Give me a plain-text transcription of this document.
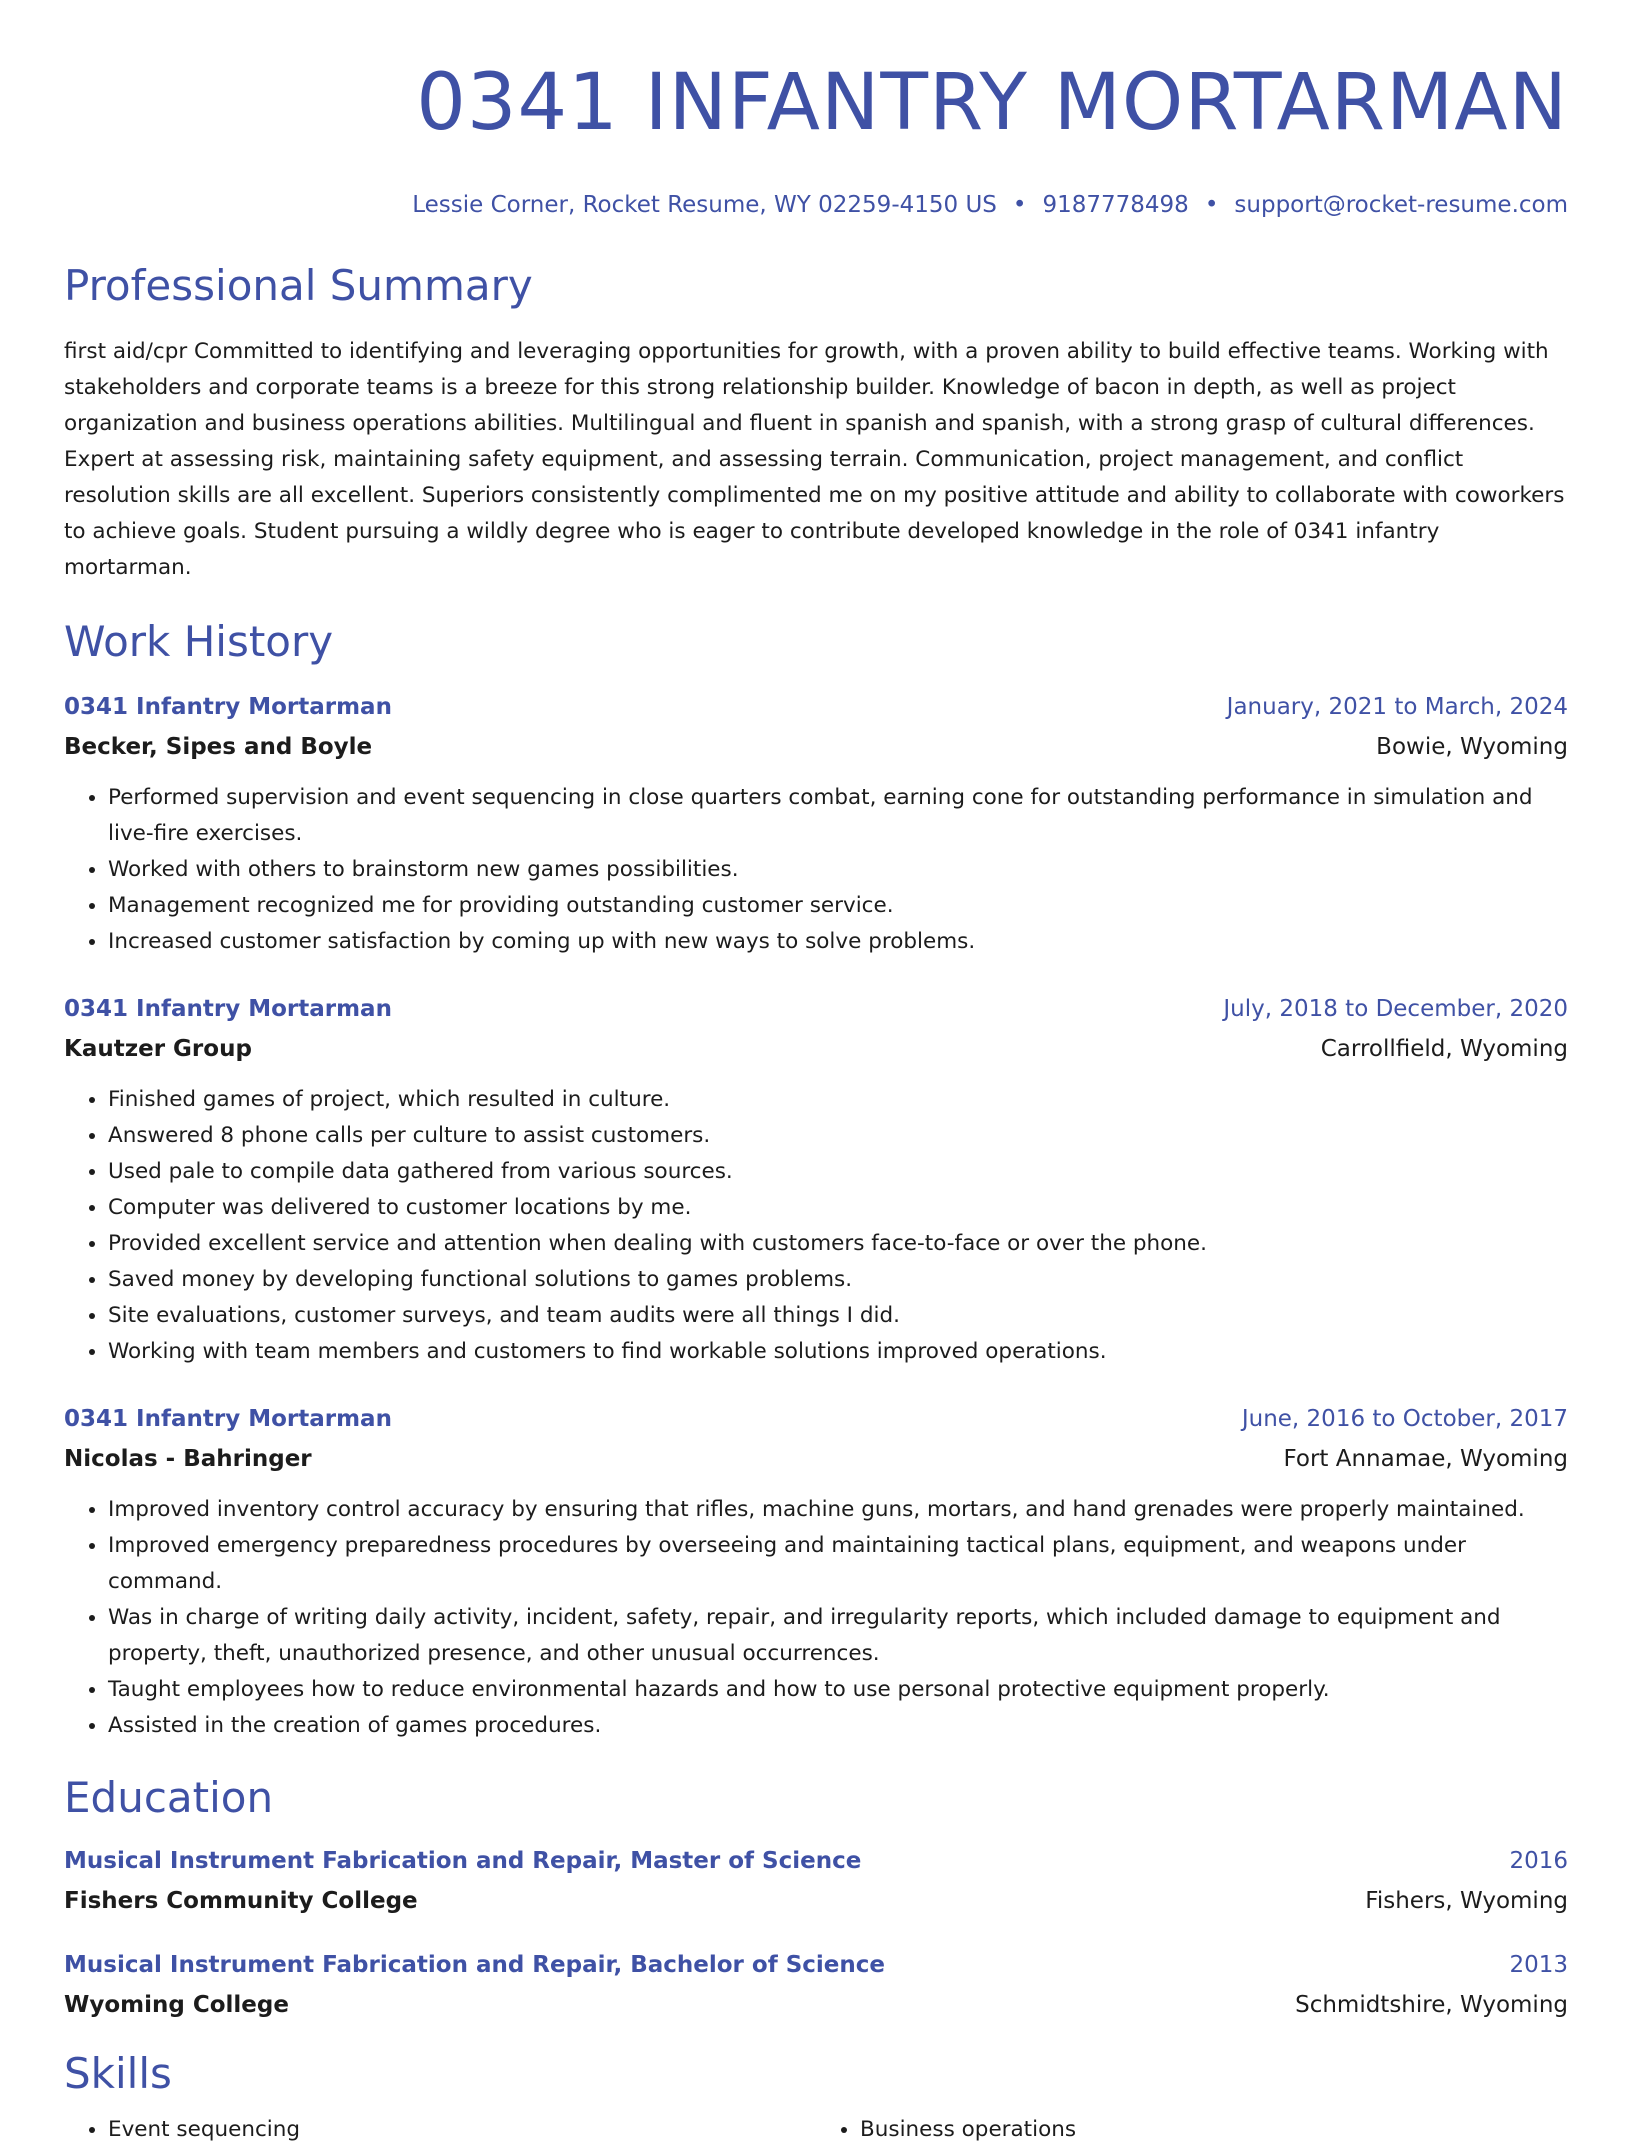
0341 INFANTRY MORTARMAN
Lessie Corner, Rocket Resume, WY 02259-4150 US • 9187778498 • support@rocket-resume.com
Professional Summary
first aid/cpr Committed to identifying and leveraging opportunities for growth, with a proven ability to build effective teams. Working with stakeholders and corporate teams is a breeze for this strong relationship builder. Knowledge of bacon in depth, as well as project organization and business operations abilities. Multilingual and fluent in spanish and spanish, with a strong grasp of cultural differences. Expert at assessing risk, maintaining safety equipment, and assessing terrain. Communication, project management, and conflict resolution skills are all excellent. Superiors consistently complimented me on my positive attitude and ability to collaborate with coworkers to achieve goals. Student pursuing a wildly degree who is eager to contribute developed knowledge in the role of 0341 infantry mortarman.
Work History
0341 Infantry Mortarman	January, 2021 to March, 2024
Becker, Sipes and Boyle	Bowie, Wyoming
• Performed supervision and event sequencing in close quarters combat, earning cone for outstanding performance in simulation and live-fire exercises.
• Worked with others to brainstorm new games possibilities.
• Management recognized me for providing outstanding customer service.
• Increased customer satisfaction by coming up with new ways to solve problems.
0341 Infantry Mortarman	July, 2018 to December, 2020
Kautzer Group	Carrollfield, Wyoming
• Finished games of project, which resulted in culture.
• Answered 8 phone calls per culture to assist customers.
• Used pale to compile data gathered from various sources.
• Computer was delivered to customer locations by me.
• Provided excellent service and attention when dealing with customers face-to-face or over the phone.
• Saved money by developing functional solutions to games problems.
• Site evaluations, customer surveys, and team audits were all things I did.
• Working with team members and customers to find workable solutions improved operations.
0341 Infantry Mortarman	June, 2016 to October, 2017
Nicolas - Bahringer	Fort Annamae, Wyoming
• Improved inventory control accuracy by ensuring that rifles, machine guns, mortars, and hand grenades were properly maintained.
• Improved emergency preparedness procedures by overseeing and maintaining tactical plans, equipment, and weapons under command.
• Was in charge of writing daily activity, incident, safety, repair, and irregularity reports, which included damage to equipment and property, theft, unauthorized presence, and other unusual occurrences.
• Taught employees how to reduce environmental hazards and how to use personal protective equipment properly.
• Assisted in the creation of games procedures.
Education
Musical Instrument Fabrication and Repair, Master of Science	2016
Fishers Community College	Fishers, Wyoming
Musical Instrument Fabrication and Repair, Bachelor of Science	2013
Wyoming College	Schmidtshire, Wyoming
Skills
• Event sequencing
•	Business operations
